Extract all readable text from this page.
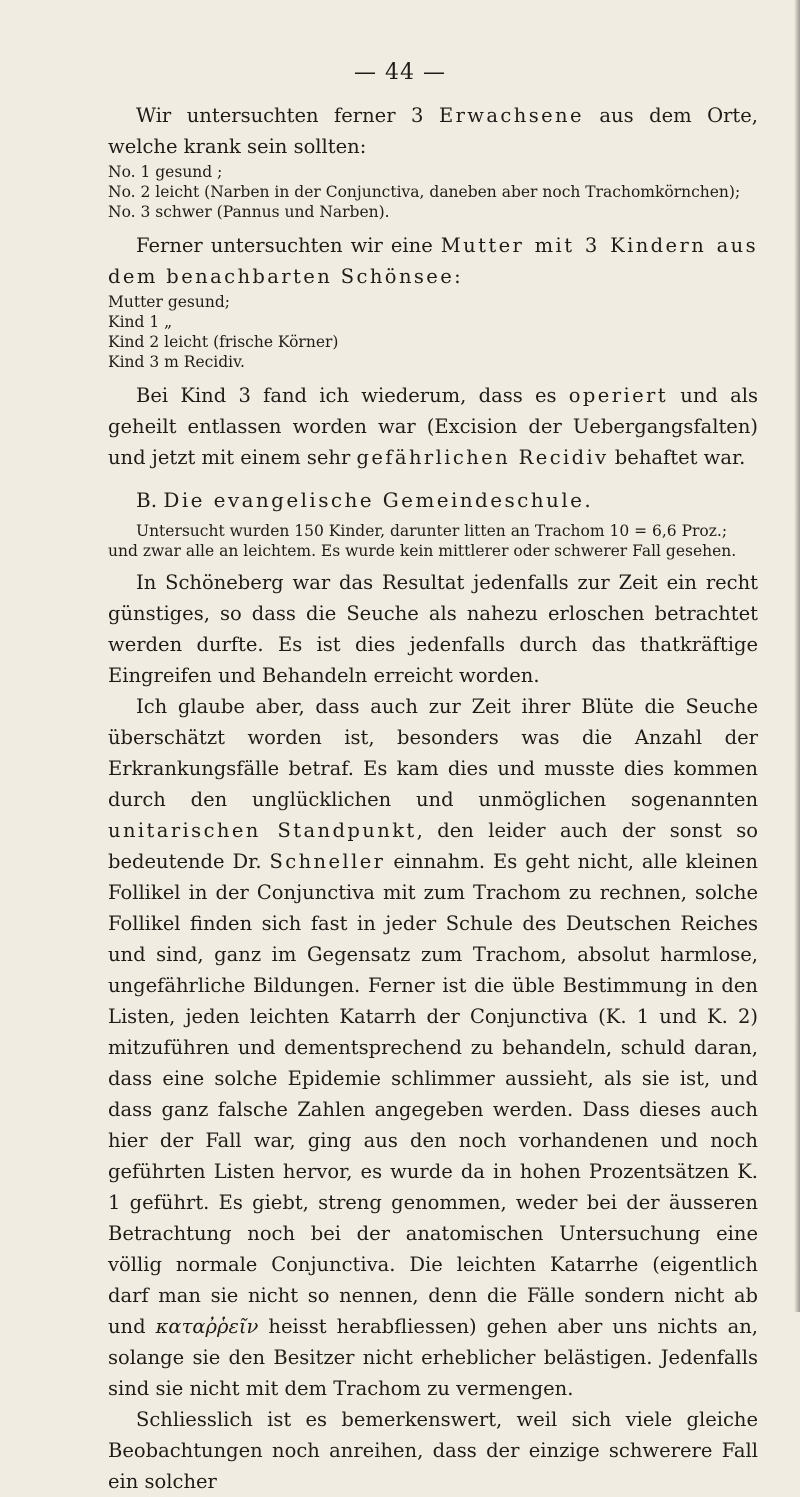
— 44 —

Wir untersuchten ferner 3 Erwachsene aus dem Orte, welche krank sein sollten:

No. 1 gesund ;
No. 2 leicht (Narben in der Conjunctiva, daneben aber noch Trachomkörnchen);
No. 3 schwer (Pannus und Narben).

Ferner untersuchten wir eine Mutter mit 3 Kindern aus dem benachbarten Schönsee:

Mutter gesund;
Kind 1 „
Kind 2 leicht (frische Körner)
Kind 3 m Recidiv.

Bei Kind 3 fand ich wiederum, dass es operiert und als geheilt entlassen worden war (Excision der Uebergangsfalten) und jetzt mit einem sehr gefährlichen Recidiv behaftet war.

B. Die evangelische Gemeindeschule.

Untersucht wurden 150 Kinder, darunter litten an Trachom 10 = 6,6 Proz.; und zwar alle an leichtem. Es wurde kein mittlerer oder schwerer Fall gesehen.

In Schöneberg war das Resultat jedenfalls zur Zeit ein recht günstiges, so dass die Seuche als nahezu erloschen betrachtet werden durfte. Es ist dies jedenfalls durch das thatkräftige Eingreifen und Behandeln erreicht worden.

Ich glaube aber, dass auch zur Zeit ihrer Blüte die Seuche überschätzt worden ist, besonders was die Anzahl der Erkrankungsfälle betraf. Es kam dies und musste dies kommen durch den unglücklichen und unmöglichen sogenannten unitarischen Standpunkt, den leider auch der sonst so bedeutende Dr. Schneller einnahm. Es geht nicht, alle kleinen Follikel in der Conjunctiva mit zum Trachom zu rechnen, solche Follikel finden sich fast in jeder Schule des Deutschen Reiches und sind, ganz im Gegensatz zum Trachom, absolut harmlose, ungefährliche Bildungen. Ferner ist die üble Bestimmung in den Listen, jeden leichten Katarrh der Conjunctiva (K. 1 und K. 2) mitzuführen und dementsprechend zu behandeln, schuld daran, dass eine solche Epidemie schlimmer aussieht, als sie ist, und dass ganz falsche Zahlen angegeben werden. Dass dieses auch hier der Fall war, ging aus den noch vorhandenen und noch geführten Listen hervor, es wurde da in hohen Prozentsätzen K. 1 geführt. Es giebt, streng genommen, weder bei der äusseren Betrachtung noch bei der anatomischen Untersuchung eine völlig normale Conjunctiva. Die leichten Katarrhe (eigentlich darf man sie nicht so nennen, denn die Fälle sondern nicht ab und καταῤῥεῖν heisst herabfliessen) gehen aber uns nichts an, solange sie den Besitzer nicht erheblicher belästigen. Jedenfalls sind sie nicht mit dem Trachom zu vermengen.

Schliesslich ist es bemerkenswert, weil sich viele gleiche Beobachtungen noch anreihen, dass der einzige schwerere Fall ein solcher
